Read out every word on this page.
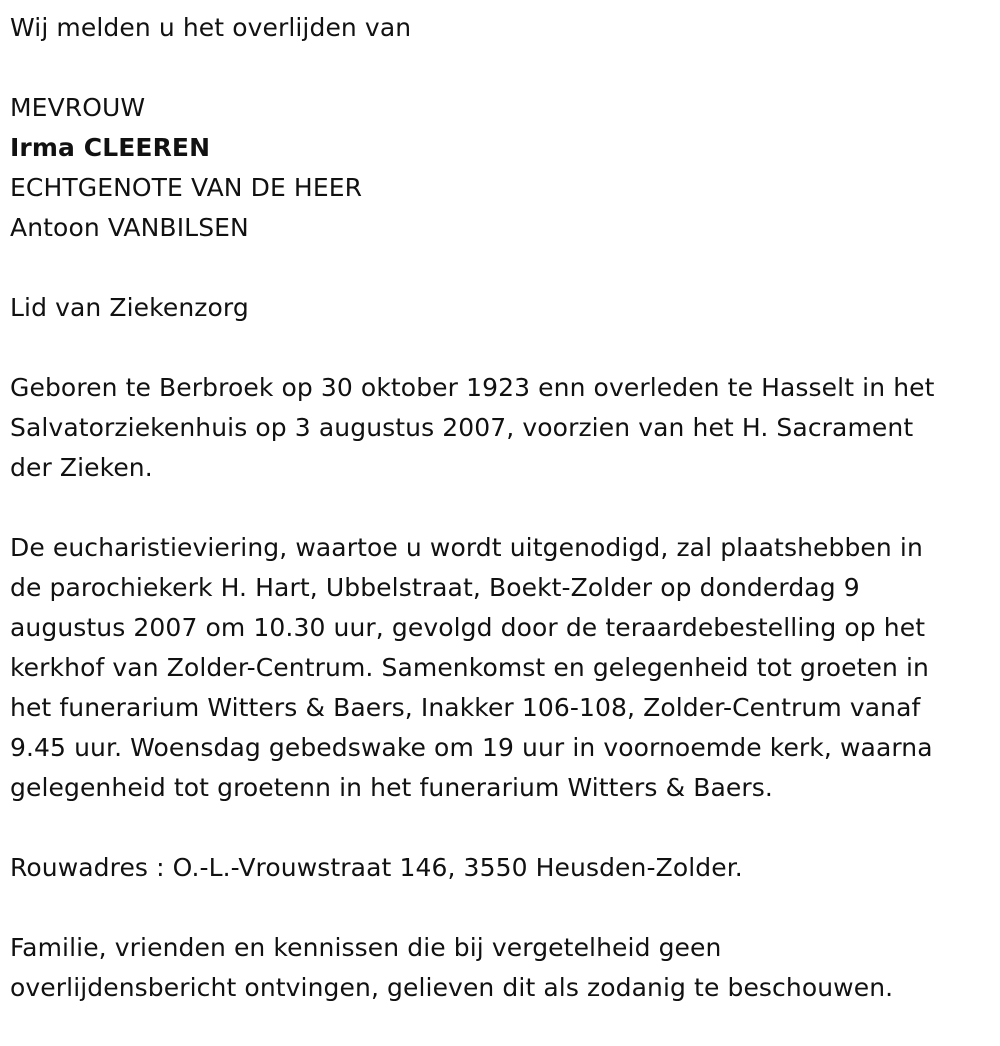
Wij melden u het overlijden van

MEVROUW

Irma CLEEREN

ECHTGENOTE VAN DE HEER

Antoon VANBILSEN

Lid van Ziekenzorg

Geboren te Berbroek op 30 oktober 1923 enn overleden te Hasselt in het

Salvatorziekenhuis op 3 augustus 2007, voorzien van het H. Sacrament

der Zieken.

De eucharistieviering, waartoe u wordt uitgenodigd, zal plaatshebben in

de parochiekerk H. Hart, Ubbelstraat, Boekt-Zolder op donderdag 9

augustus 2007 om 10.30 uur, gevolgd door de teraardebestelling op het

kerkhof van Zolder-Centrum. Samenkomst en gelegenheid tot groeten in

het funerarium Witters & Baers, Inakker 106-108, Zolder-Centrum vanaf

9.45 uur. Woensdag gebedswake om 19 uur in voornoemde kerk, waarna

gelegenheid tot groetenn in het funerarium Witters & Baers.

Rouwadres : O.-L.-Vrouwstraat 146, 3550 Heusden-Zolder.

Familie, vrienden en kennissen die bij vergetelheid geen

overlijdensbericht ontvingen, gelieven dit als zodanig te beschouwen.
